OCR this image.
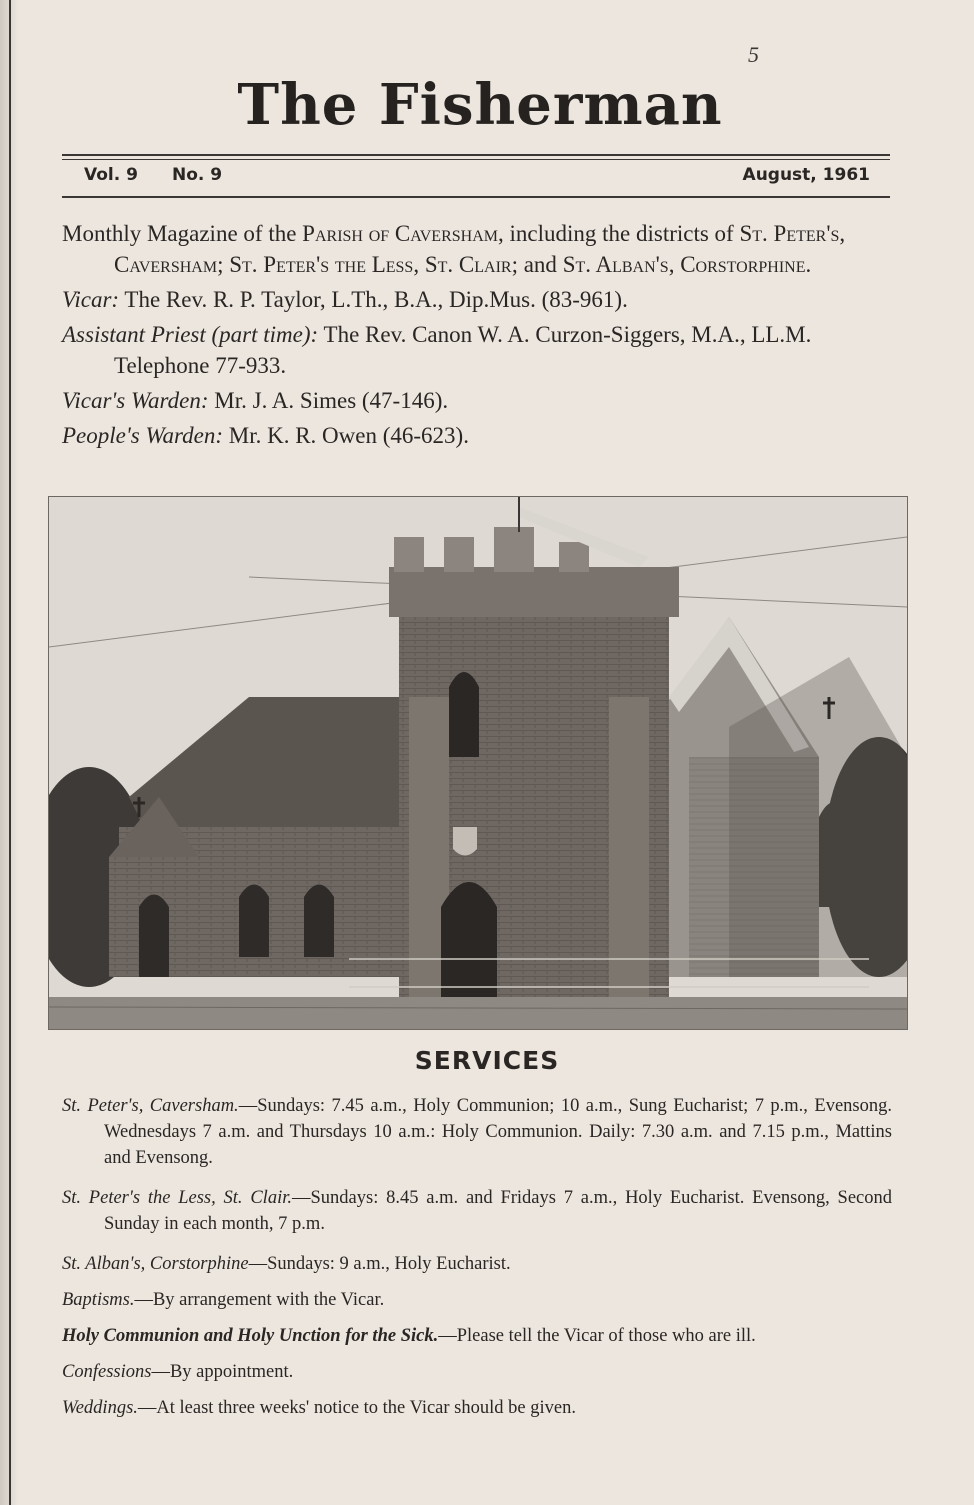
5
The Fisherman
Vol. 9 No. 9	August, 1961

Monthly Magazine of the Parish of Caversham, including the districts of St. Peter's, Caversham; St. Peter's the Less, St. Clair; and St. Alban's, Corstorphine.

Vicar: The Rev. R. P. Taylor, L.Th., B.A., Dip.Mus. (83-961).

Assistant Priest (part time): The Rev. Canon W. A. Curzon-Siggers, M.A., LL.M. Telephone 77-933.

Vicar's Warden: Mr. J. A. Simes (47-146).

People's Warden: Mr. K. R. Owen (46-623).

SERVICES

St. Peter's, Caversham.—Sundays: 7.45 a.m., Holy Communion; 10 a.m., Sung Eucharist; 7 p.m., Evensong. Wednesdays 7 a.m. and Thursdays 10 a.m.: Holy Communion. Daily: 7.30 a.m. and 7.15 p.m., Mattins and Evensong.

St. Peter's the Less, St. Clair.—Sundays: 8.45 a.m. and Fridays 7 a.m., Holy Eucharist. Evensong, Second Sunday in each month, 7 p.m.

St. Alban's, Corstorphine—Sundays: 9 a.m., Holy Eucharist.

Baptisms.—By arrangement with the Vicar.

Holy Communion and Holy Unction for the Sick.—Please tell the Vicar of those who are ill.

Confessions—By appointment.

Weddings.—At least three weeks' notice to the Vicar should be given.
